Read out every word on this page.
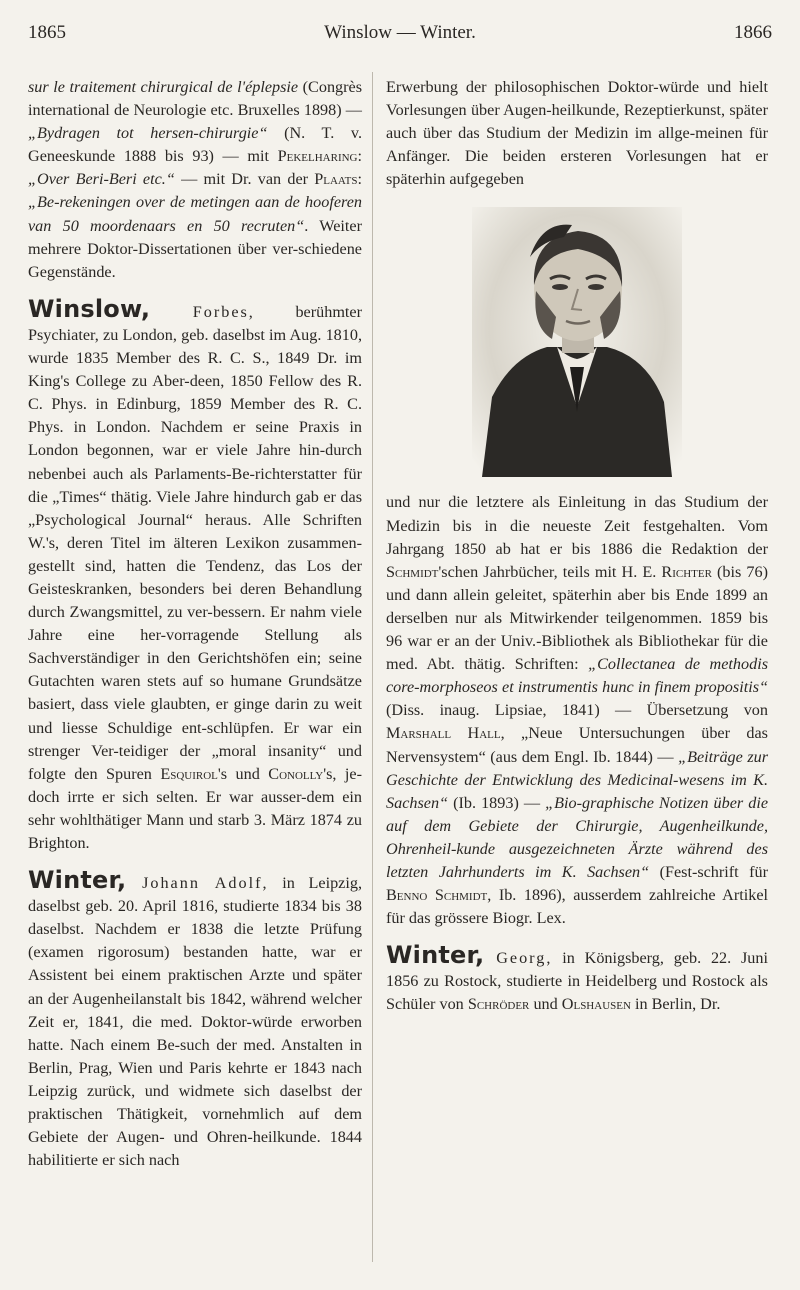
1865	Winslow — Winter.	1866

sur le traitement chirurgical de l'éplepsie (Congrès international de Neurologie etc. Bruxelles 1898) — „Bydragen tot hersen-chirurgie“ (N. T. v. Geneeskunde 1888 bis 93) — mit Pekelharing: „Over Beri-Beri etc.“ — mit Dr. van der Plaats: „Be-rekeningen over de metingen aan de hooferen van 50 moordenaars en 50 recruten“. Weiter mehrere Doktor-Dissertationen über ver-schiedene Gegenstände.

Winslow, Forbes, berühmter Psychiater, zu London, geb. daselbst im Aug. 1810, wurde 1835 Member des R. C. S., 1849 Dr. im King's College zu Aber-deen, 1850 Fellow des R. C. Phys. in Edinburg, 1859 Member des R. C. Phys. in London. Nachdem er seine Praxis in London begonnen, war er viele Jahre hin-durch nebenbei auch als Parlaments-Be-richterstatter für die „Times“ thätig. Viele Jahre hindurch gab er das „Psychological Journal“ heraus. Alle Schriften W.'s, deren Titel im älteren Lexikon zusammen-gestellt sind, hatten die Tendenz, das Los der Geisteskranken, besonders bei deren Behandlung durch Zwangsmittel, zu ver-bessern. Er nahm viele Jahre eine her-vorragende Stellung als Sachverständiger in den Gerichtshöfen ein; seine Gutachten waren stets auf so humane Grundsätze basiert, dass viele glaubten, er ginge darin zu weit und liesse Schuldige ent-schlüpfen. Er war ein strenger Ver-teidiger der „moral insanity“ und folgte den Spuren Esquirol's und Conolly's, je-doch irrte er sich selten. Er war ausser-dem ein sehr wohlthätiger Mann und starb 3. März 1874 zu Brighton.

Winter, Johann Adolf, in Leipzig, daselbst geb. 20. April 1816, studierte 1834 bis 38 daselbst. Nachdem er 1838 die letzte Prüfung (examen rigorosum) bestanden hatte, war er Assistent bei einem praktischen Arzte und später an der Augenheilanstalt bis 1842, während welcher Zeit er, 1841, die med. Doktor-würde erworben hatte. Nach einem Be-such der med. Anstalten in Berlin, Prag, Wien und Paris kehrte er 1843 nach Leipzig zurück, und widmete sich daselbst der praktischen Thätigkeit, vornehmlich auf dem Gebiete der Augen- und Ohren-heilkunde. 1844 habilitierte er sich nach

Erwerbung der philosophischen Doktor-würde und hielt Vorlesungen über Augen-heilkunde, Rezeptierkunst, später auch über das Studium der Medizin im allge-meinen für Anfänger. Die beiden ersteren Vorlesungen hat er späterhin aufgegeben

und nur die letztere als Einleitung in das Studium der Medizin bis in die neueste Zeit festgehalten. Vom Jahrgang 1850 ab hat er bis 1886 die Redaktion der Schmidt'schen Jahrbücher, teils mit H. E. Richter (bis 76) und dann allein geleitet, späterhin aber bis Ende 1899 an derselben nur als Mitwirkender teilgenommen. 1859 bis 96 war er an der Univ.-Bibliothek als Bibliothekar für die med. Abt. thätig. Schriften: „Collectanea de methodis core-morphoseos et instrumentis hunc in finem propositis“ (Diss. inaug. Lipsiae, 1841) — Übersetzung von Marshall Hall, „Neue Untersuchungen über das Nervensystem“ (aus dem Engl. Ib. 1844) — „Beiträge zur Geschichte der Entwicklung des Medicinal-wesens im K. Sachsen“ (Ib. 1893) — „Bio-graphische Notizen über die auf dem Gebiete der Chirurgie, Augenheilkunde, Ohrenheil-kunde ausgezeichneten Ärzte während des letzten Jahrhunderts im K. Sachsen“ (Fest-schrift für Benno Schmidt, Ib. 1896), ausserdem zahlreiche Artikel für das grössere Biogr. Lex.

Winter, Georg, in Königsberg, geb. 22. Juni 1856 zu Rostock, studierte in Heidelberg und Rostock als Schüler von Schröder und Olshausen in Berlin, Dr.
